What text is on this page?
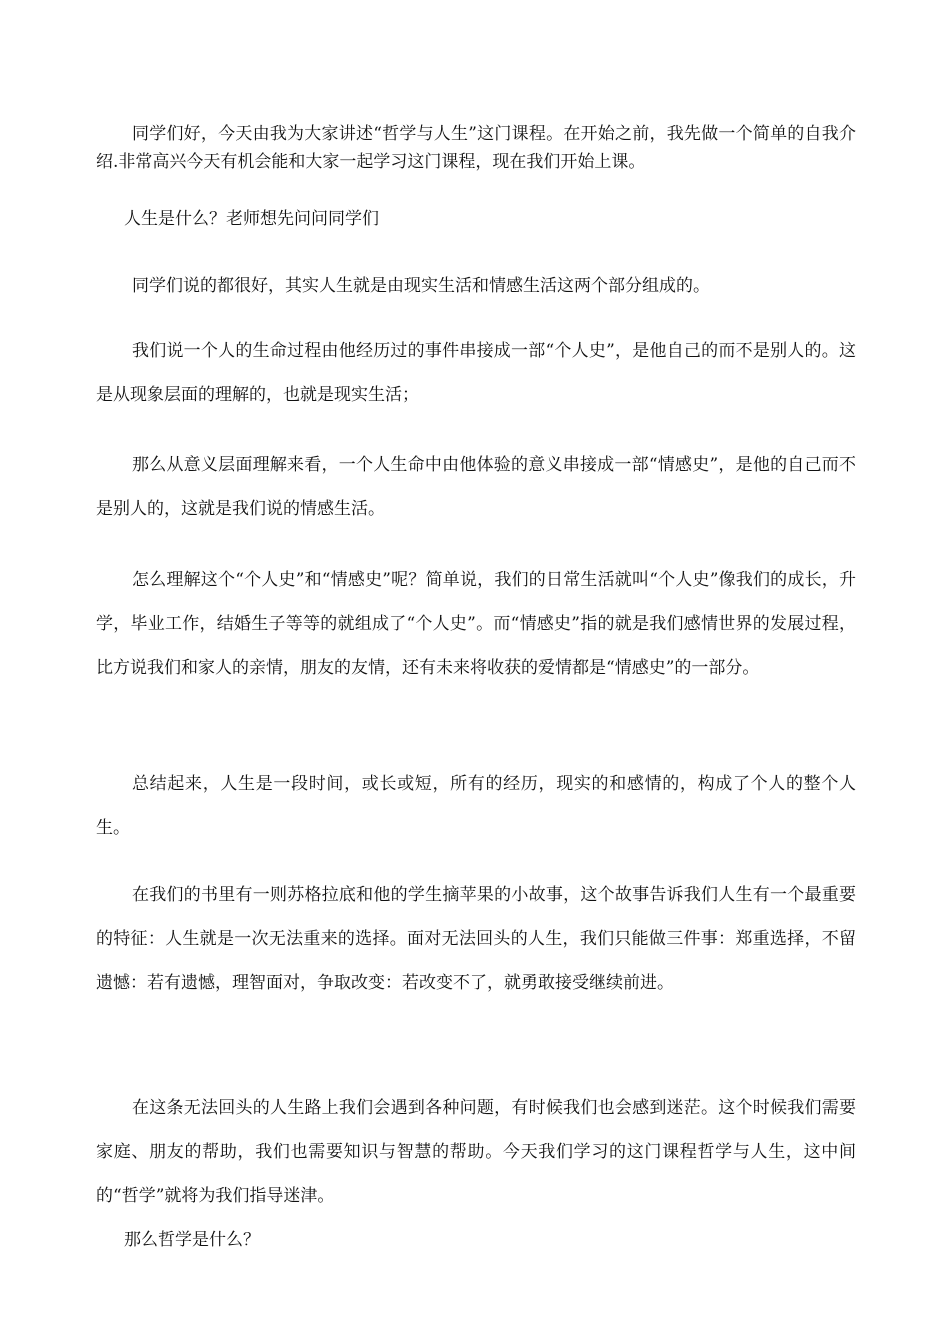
同学们好，今天由我为大家讲述“哲学与人生”这门课程。在开始之前，我先做一个简单的自我介绍.非常高兴今天有机会能和大家一起学习这门课程，现在我们开始上课。

人生是什么？老师想先问问同学们

同学们说的都很好，其实人生就是由现实生活和情感生活这两个部分组成的。

我们说一个人的生命过程由他经历过的事件串接成一部“个人史”，是他自己的而不是别人的。这是从现象层面的理解的，也就是现实生活；

那么从意义层面理解来看，一个人生命中由他体验的意义串接成一部“情感史”，是他的自己而不是别人的，这就是我们说的情感生活。

怎么理解这个“个人史”和“情感史”呢？简单说，我们的日常生活就叫“个人史”像我们的成长，升学，毕业工作，结婚生子等等的就组成了“个人史”。而“情感史”指的就是我们感情世界的发展过程，比方说我们和家人的亲情，朋友的友情，还有未来将收获的爱情都是“情感史”的一部分。

总结起来，人生是一段时间，或长或短，所有的经历，现实的和感情的，构成了个人的整个人生。

在我们的书里有一则苏格拉底和他的学生摘苹果的小故事，这个故事告诉我们人生有一个最重要的特征：人生就是一次无法重来的选择。面对无法回头的人生，我们只能做三件事：郑重选择，不留遗憾：若有遗憾，理智面对，争取改变：若改变不了，就勇敢接受继续前进。

在这条无法回头的人生路上我们会遇到各种问题，有时候我们也会感到迷茫。这个时候我们需要家庭、朋友的帮助，我们也需要知识与智慧的帮助。今天我们学习的这门课程哲学与人生，这中间的“哲学”就将为我们指导迷津。

那么哲学是什么？
